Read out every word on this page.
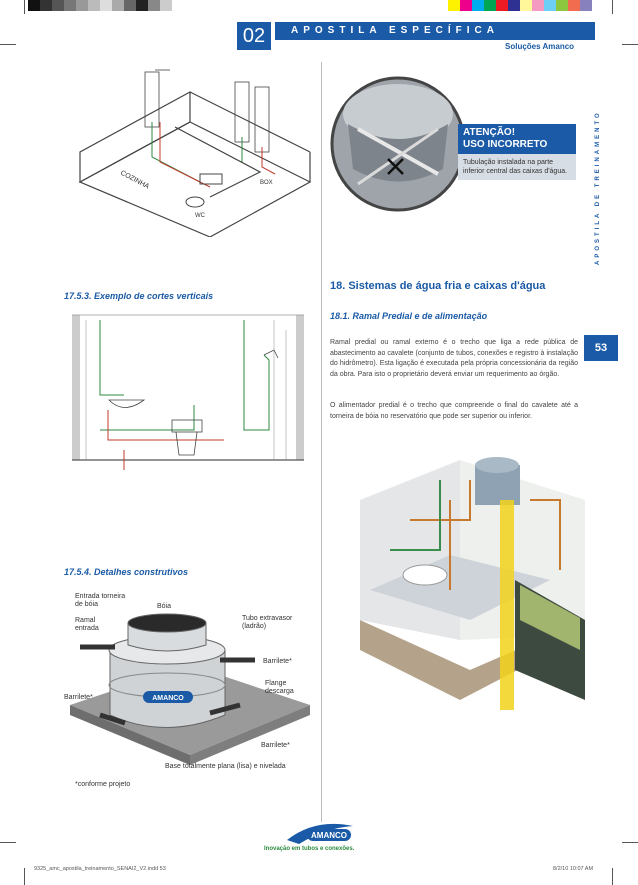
02	APOSTILA ESPECÍFICA
Soluções Amanco
APOSTILA DE TREINAMENTO
53
COZINHA
WC
BOX
17.5.3. Exemplo de cortes verticais
17.5.4. Detalhes construtivos
AMANCO
Entrada torneira
de bóia	Bóia
Ramal
entrada
Tubo extravasor
(ladrão)
Barrilete*
Flange
descarga
Barrilete*
Barrilete*
Base totalmente plana (lisa) e nivelada
*conforme projeto
ATENÇÃO!
USO INCORRETO
Tubulação instalada na parte inferior central das caixas d'água.
18. Sistemas de água fria e caixas d'água
18.1. Ramal Predial e de alimentação
Ramal predial ou ramal externo é o trecho que liga a rede pública de abastecimento ao cavalete (conjunto de tubos, conexões e registro à instalação do hidrômetro). Esta ligação é executada pela própria concessionária da região da obra. Para isto o proprietário deverá enviar um requerimento ao órgão.
O alimentador predial é o trecho que compreende o final do cavalete até a torneira de bóia no reservatório que pode ser superior ou inferior.
AMANCO
Inovação em tubos e conexões.
9325_amc_apostila_treinamento_SENAI2_V2.indd 53	8/2/10 10:07 AM
